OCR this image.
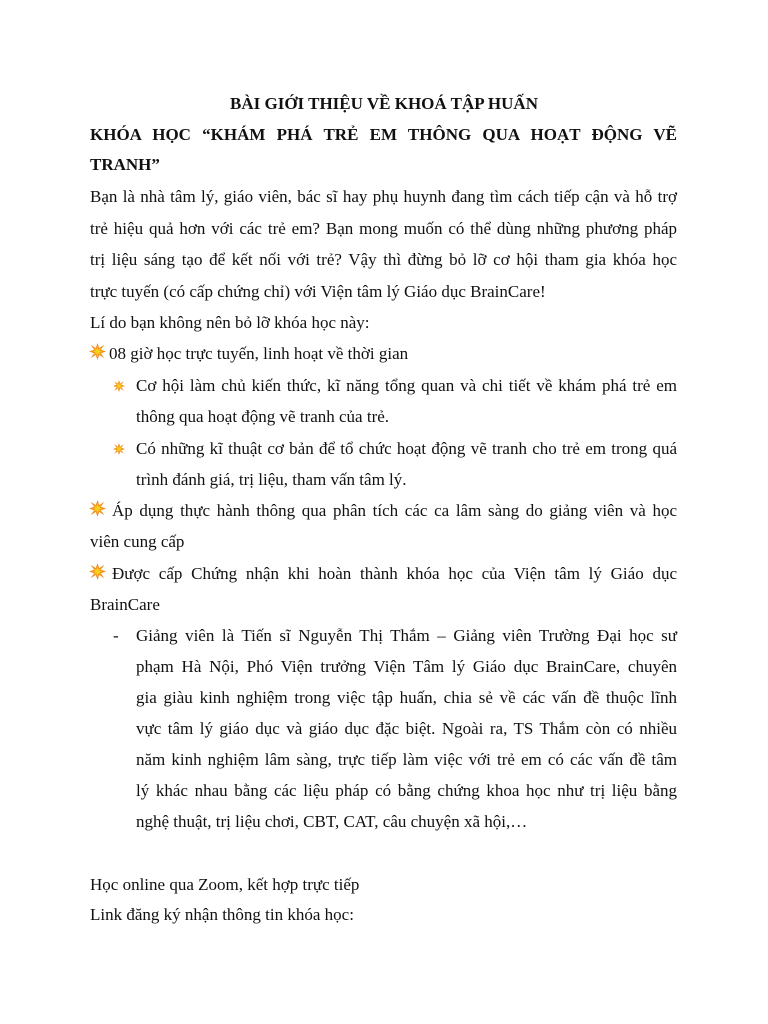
BÀI GIỚI THIỆU VỀ KHOÁ TẬP HUẤN
KHÓA HỌC “KHÁM PHÁ TRẺ EM THÔNG QUA HOẠT ĐỘNG VẼ
TRANH”
Bạn là nhà tâm lý, giáo viên, bác sĩ hay phụ huynh đang tìm cách tiếp cận và hỗ trợ
trẻ hiệu quả hơn với các trẻ em? Bạn mong muốn có thể dùng những phương pháp
trị liệu sáng tạo để kết nối với trẻ? Vậy thì đừng bỏ lỡ cơ hội tham gia khóa học
trực tuyến (có cấp chứng chỉ) với Viện tâm lý Giáo dục BrainCare!
Lí do bạn không nên bỏ lỡ khóa học này:
08 giờ học trực tuyến, linh hoạt về thời gian
Cơ hội làm chủ kiến thức, kĩ năng tổng quan và chi tiết về khám phá trẻ em
thông qua hoạt động vẽ tranh của trẻ.
Có những kĩ thuật cơ bản để tổ chức hoạt động vẽ tranh cho trẻ em trong quá
trình đánh giá, trị liệu, tham vấn tâm lý.
Áp dụng thực hành thông qua phân tích các ca lâm sàng do giảng viên và học
viên cung cấp
Được cấp Chứng nhận khi hoàn thành khóa học của Viện tâm lý Giáo dục
BrainCare
- Giảng viên là Tiến sĩ Nguyễn Thị Thắm – Giảng viên Trường Đại học sư
phạm Hà Nội, Phó Viện trưởng Viện Tâm lý Giáo dục BrainCare, chuyên
gia giàu kinh nghiệm trong việc tập huấn, chia sẻ về các vấn đề thuộc lĩnh
vực tâm lý giáo dục và giáo dục đặc biệt. Ngoài ra, TS Thắm còn có nhiều
năm kinh nghiệm lâm sàng, trực tiếp làm việc với trẻ em có các vấn đề tâm
lý khác nhau bằng các liệu pháp có bằng chứng khoa học như trị liệu bằng
nghệ thuật, trị liệu chơi, CBT, CAT, câu chuyện xã hội,…
Học online qua Zoom, kết hợp trực tiếp
Link đăng ký nhận thông tin khóa học:
